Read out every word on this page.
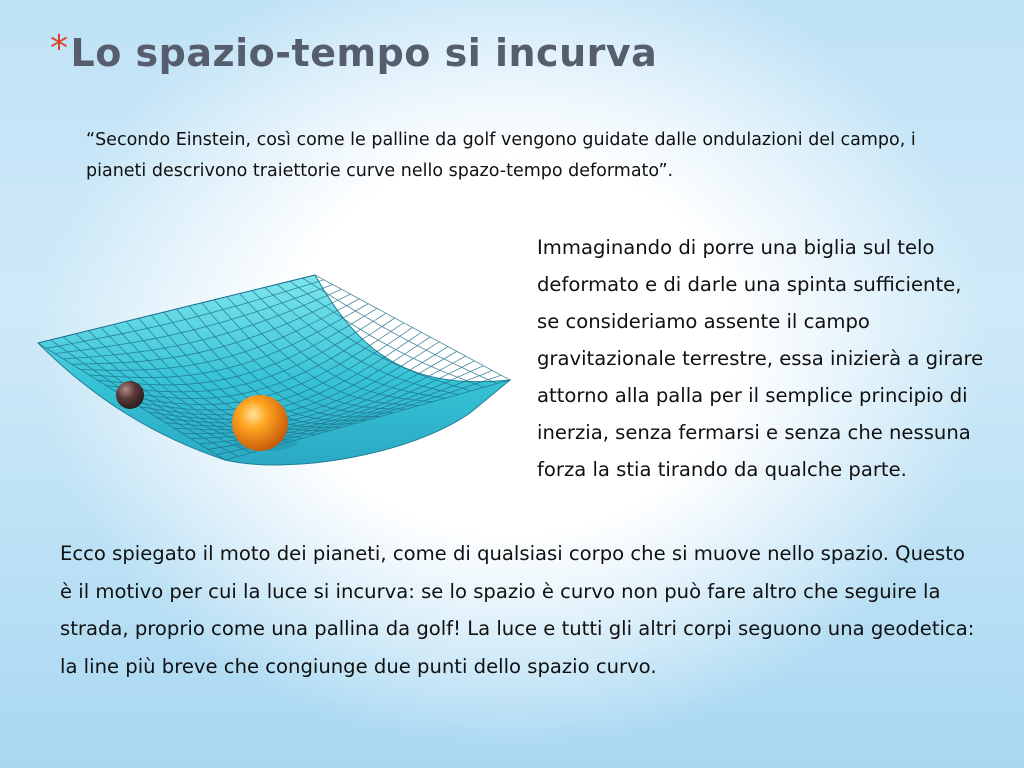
*Lo spazio-tempo si incurva

“Secondo Einstein, così come le palline da golf vengono guidate dalle ondulazioni del campo, i pianeti descrivono traiettorie curve nello spazo-tempo deformato”.

Immaginando di porre una biglia sul telo deformato e di darle una spinta sufficiente, se consideriamo assente il campo gravitazionale terrestre, essa inizierà a girare attorno alla palla per il semplice principio di inerzia, senza fermarsi e senza che nessuna forza la stia tirando da qualche parte.

Ecco spiegato il moto dei pianeti, come di qualsiasi corpo che si muove nello spazio. Questo è il motivo per cui la luce si incurva: se lo spazio è curvo non può fare altro che seguire la strada, proprio come una pallina da golf! La luce e tutti gli altri corpi seguono una geodetica: la line più breve che congiunge due punti dello spazio curvo.
